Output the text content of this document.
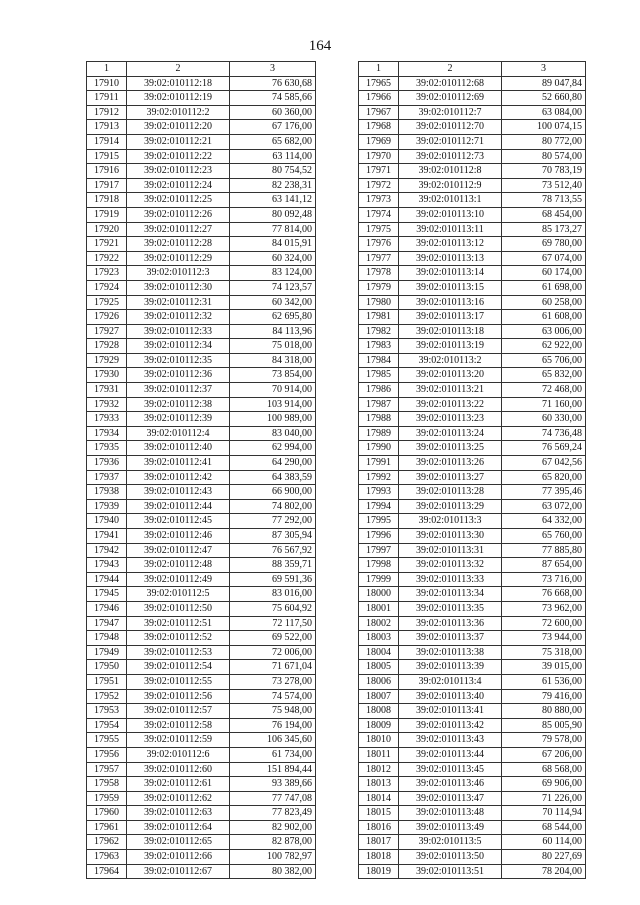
164
1	2	3
17910	39:02:010112:18	76 630,68
17911	39:02:010112:19	74 585,66
17912	39:02:010112:2	60 360,00
17913	39:02:010112:20	67 176,00
17914	39:02:010112:21	65 682,00
17915	39:02:010112:22	63 114,00
17916	39:02:010112:23	80 754,52
17917	39:02:010112:24	82 238,31
17918	39:02:010112:25	63 141,12
17919	39:02:010112:26	80 092,48
17920	39:02:010112:27	77 814,00
17921	39:02:010112:28	84 015,91
17922	39:02:010112:29	60 324,00
17923	39:02:010112:3	83 124,00
17924	39:02:010112:30	74 123,57
17925	39:02:010112:31	60 342,00
17926	39:02:010112:32	62 695,80
17927	39:02:010112:33	84 113,96
17928	39:02:010112:34	75 018,00
17929	39:02:010112:35	84 318,00
17930	39:02:010112:36	73 854,00
17931	39:02:010112:37	70 914,00
17932	39:02:010112:38	103 914,00
17933	39:02:010112:39	100 989,00
17934	39:02:010112:4	83 040,00
17935	39:02:010112:40	62 994,00
17936	39:02:010112:41	64 290,00
17937	39:02:010112:42	64 383,59
17938	39:02:010112:43	66 900,00
17939	39:02:010112:44	74 802,00
17940	39:02:010112:45	77 292,00
17941	39:02:010112:46	87 305,94
17942	39:02:010112:47	76 567,92
17943	39:02:010112:48	88 359,71
17944	39:02:010112:49	69 591,36
17945	39:02:010112:5	83 016,00
17946	39:02:010112:50	75 604,92
17947	39:02:010112:51	72 117,50
17948	39:02:010112:52	69 522,00
17949	39:02:010112:53	72 006,00
17950	39:02:010112:54	71 671,04
17951	39:02:010112:55	73 278,00
17952	39:02:010112:56	74 574,00
17953	39:02:010112:57	75 948,00
17954	39:02:010112:58	76 194,00
17955	39:02:010112:59	106 345,60
17956	39:02:010112:6	61 734,00
17957	39:02:010112:60	151 894,44
17958	39:02:010112:61	93 389,66
17959	39:02:010112:62	77 747,08
17960	39:02:010112:63	77 823,49
17961	39:02:010112:64	82 902,00
17962	39:02:010112:65	82 878,00
17963	39:02:010112:66	100 782,97
17964	39:02:010112:67	80 382,00
1	2	3
17965	39:02:010112:68	89 047,84
17966	39:02:010112:69	52 660,80
17967	39:02:010112:7	63 084,00
17968	39:02:010112:70	100 074,15
17969	39:02:010112:71	80 772,00
17970	39:02:010112:73	80 574,00
17971	39:02:010112:8	70 783,19
17972	39:02:010112:9	73 512,40
17973	39:02:010113:1	78 713,55
17974	39:02:010113:10	68 454,00
17975	39:02:010113:11	85 173,27
17976	39:02:010113:12	69 780,00
17977	39:02:010113:13	67 074,00
17978	39:02:010113:14	60 174,00
17979	39:02:010113:15	61 698,00
17980	39:02:010113:16	60 258,00
17981	39:02:010113:17	61 608,00
17982	39:02:010113:18	63 006,00
17983	39:02:010113:19	62 922,00
17984	39:02:010113:2	65 706,00
17985	39:02:010113:20	65 832,00
17986	39:02:010113:21	72 468,00
17987	39:02:010113:22	71 160,00
17988	39:02:010113:23	60 330,00
17989	39:02:010113:24	74 736,48
17990	39:02:010113:25	76 569,24
17991	39:02:010113:26	67 042,56
17992	39:02:010113:27	65 820,00
17993	39:02:010113:28	77 395,46
17994	39:02:010113:29	63 072,00
17995	39:02:010113:3	64 332,00
17996	39:02:010113:30	65 760,00
17997	39:02:010113:31	77 885,80
17998	39:02:010113:32	87 654,00
17999	39:02:010113:33	73 716,00
18000	39:02:010113:34	76 668,00
18001	39:02:010113:35	73 962,00
18002	39:02:010113:36	72 600,00
18003	39:02:010113:37	73 944,00
18004	39:02:010113:38	75 318,00
18005	39:02:010113:39	39 015,00
18006	39:02:010113:4	61 536,00
18007	39:02:010113:40	79 416,00
18008	39:02:010113:41	80 880,00
18009	39:02:010113:42	85 005,90
18010	39:02:010113:43	79 578,00
18011	39:02:010113:44	67 206,00
18012	39:02:010113:45	68 568,00
18013	39:02:010113:46	69 906,00
18014	39:02:010113:47	71 226,00
18015	39:02:010113:48	70 114,94
18016	39:02:010113:49	68 544,00
18017	39:02:010113:5	60 114,00
18018	39:02:010113:50	80 227,69
18019	39:02:010113:51	78 204,00
